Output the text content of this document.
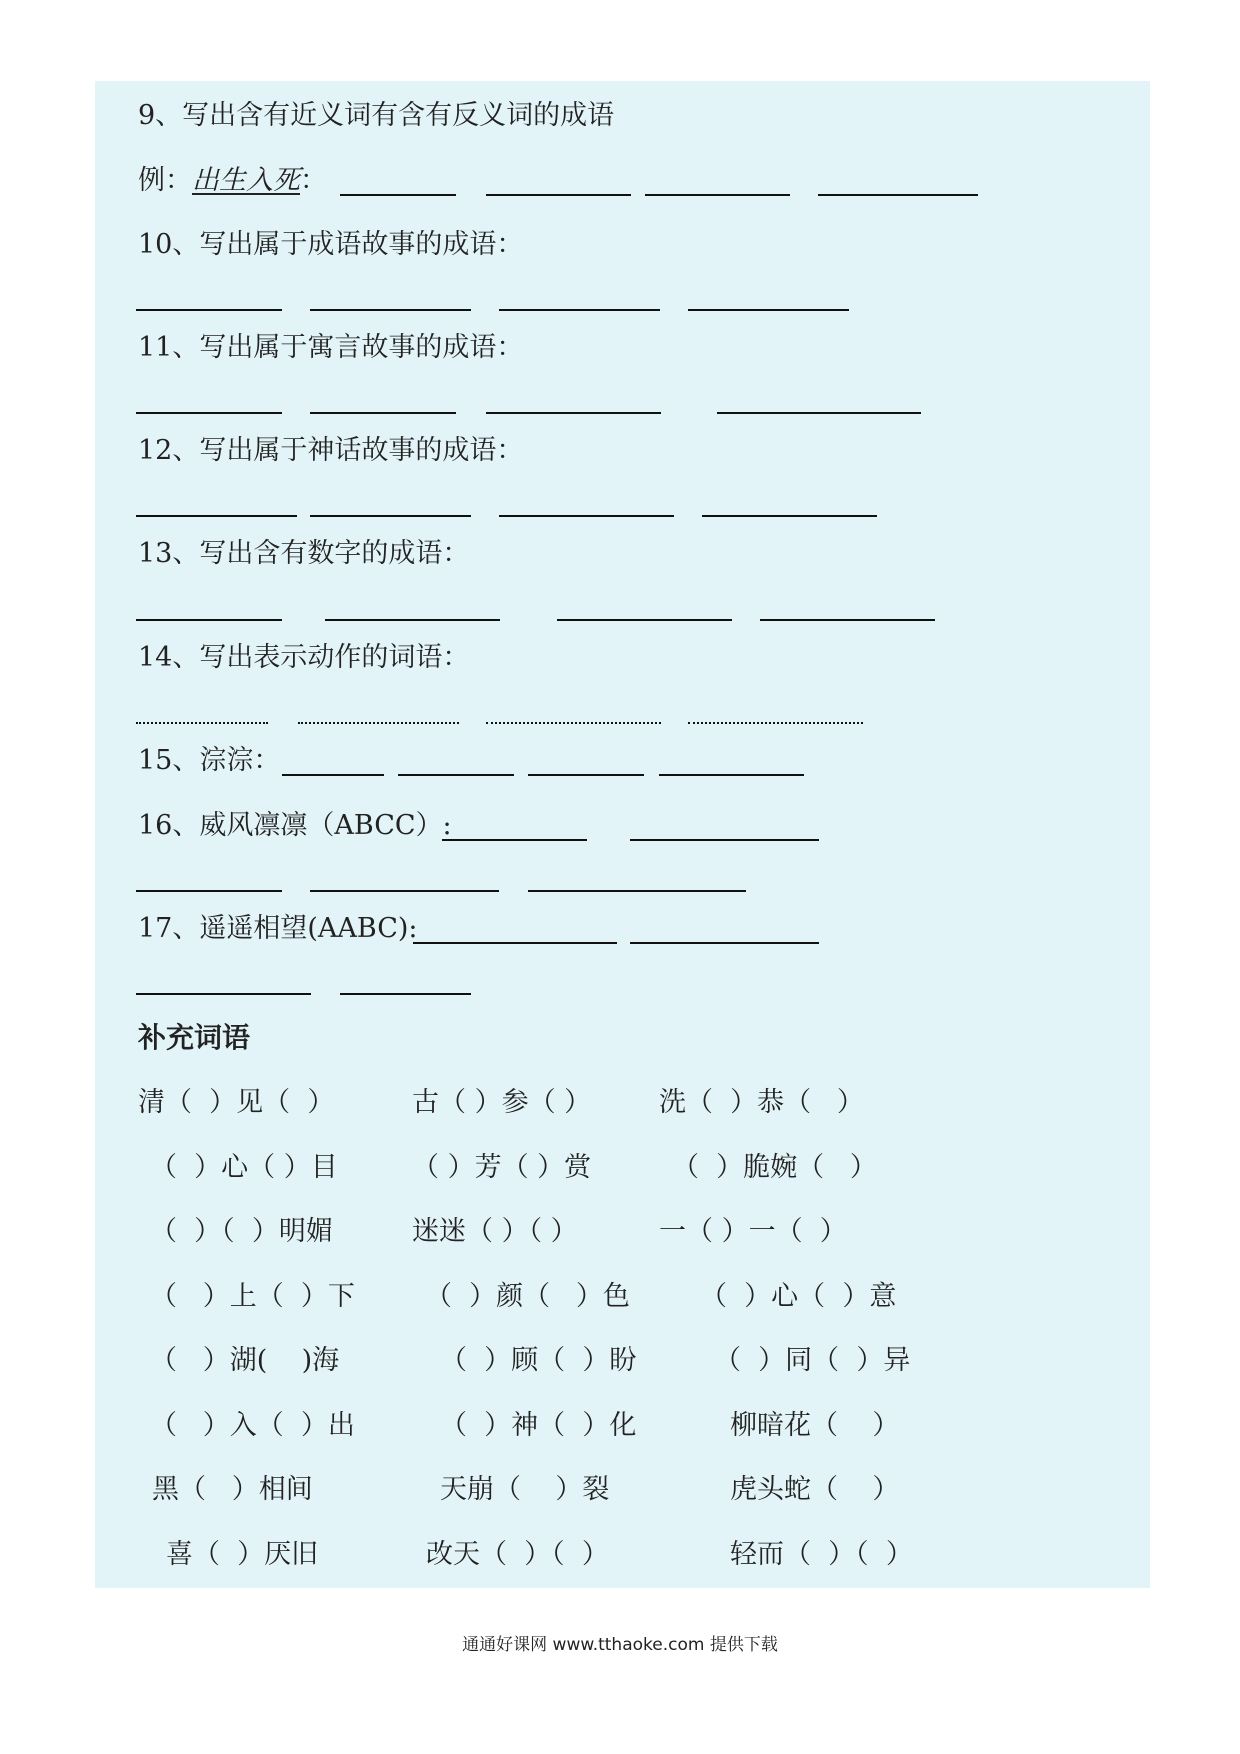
9、写出含有近义词有含有反义词的成语
例：出生入死：
10、写出属于成语故事的成语：
11、写出属于寓言故事的成语：
12、写出属于神话故事的成语：
13、写出含有数字的成语：
14、写出表示动作的词语：
15、淙淙：
16、威风凛凛（ABCC）:
17、遥遥相望(AABC):
补充词语
清（  ）见（  ）	古（ ）参（ ）	洗（  ）恭（   ）
（  ）心（ ）目	（ ）芳（ ）赏	（  ）脆婉（   ）
（  ）（  ）明媚	迷迷（ ）（ ）	一（ ）一（  ）
（   ）上（  ）下	（  ）颜（   ）色	（  ）心（  ）意
（   ）湖(    )海	（  ）顾（  ）盼	（  ）同（  ）异
（   ）入（  ）出	（  ）神（  ）化	柳暗花（    ）
黑（   ）相间	天崩（    ）裂	虎头蛇（    ）
喜（  ）厌旧	改天（  ）（  ）	轻而（  ）（  ）
通通好课网 www.tthaoke.com 提供下载
